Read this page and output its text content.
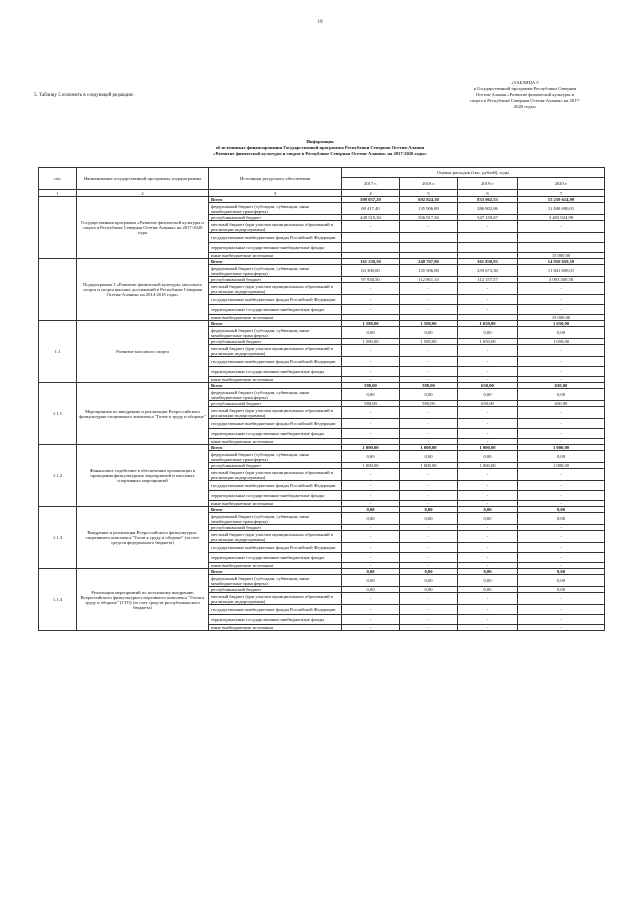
19
5. Таблицу 5 изложить в следующей редакции:
«ТАБЛИЦА 5
к Государственной программе Республики Северная
Осетия-Алания «Развитие физической культуры и
спорта в Республике Северная Осетия-Алания» на 2017-
2020 годы»
Информация
об источниках финансирования Государственной программы Республики Северная Осетия-Алания
«Развитие физической культуры и спорта в Республике Северная Осетия-Алания» на 2017-2020 годы»
п/п	Наименование государственной программы, подпрограммы	Источники ресурсного обеспечения	Оценка расходов (тыс. рублей), годы			
			2017 г.	2018 г.	2019 г.	2020 г.
1	2	3	4	5	6	7
	Государственная программа «Развитие физической культуры и спорта в Республике Северная Осетия-Алания» на 2017-2020 годы	Всего	509 037,20	692 824,30	833 962,53	15 259 614,99
		федеральный бюджет (субсидии, субвенции, иные межбюджетные трансферты)	69 417,40	135 906,80	286 802,86	11 840 690,01
		республиканский бюджет	440 510,30	556 917,56	547 159,67	3 403 924,98
		местный бюджет (при участии муниципальных образований в реализации подпрограммы)	-	-	-	-
		государственные внебюджетные фонды Российской Федерации				
		территориальные государственные внебюджетные фонды				
		иные внебюджетные источники				15 000,00
	Подпрограмма 1 «Развитие физической культуры, массового спорта и спорта высших достижений в Республике Северная Осетия-Алания» на 2014-2018 годы»	Всего	161 230,50	248 767,90	361 830,93	14 950 659,59
		федеральный бюджет (субсидии, субвенции, иные межбюджетные трансферты)	63 300,00	135 906,80	259 673,30	11 841 690,01
		республиканский бюджет	97 930,50	112 861,10	112 157,57	3 093 369,58
		местный бюджет (при участии муниципальных образований в реализации подпрограммы)	-	-	-	-
		государственные внебюджетные фонды Российской Федерации	-	-	-	-
		территориальные государственные внебюджетные фонды	-	-	-	-
		иные внебюджетные источники				15 000,00
1.1	Развитие массового спорта	Всего	1 580,00	1 580,00	1 650,00	1 650,00
		федеральный бюджет (субсидии, субвенции, иные межбюджетные трансферты)	0,00	0,00	0,00	0,00
		республиканский бюджет	1 580,00	1 580,00	1 650,00	1 650,00
		местный бюджет (при участии муниципальных образований в реализации подпрограммы)	-	-	-	-
		государственные внебюджетные фонды Российской Федерации	-	-	-	-
		территориальные государственные внебюджетные фонды	-	-	-	-
		иные внебюджетные источники	-	-	-	-
1.1.1	Мероприятия по внедрению и реализации Всероссийского физкультурно-спортивного комплекса "Готов к труду и обороне"	Всего	580,00	580,00	650,00	650,00
		федеральный бюджет (субсидии, субвенции, иные межбюджетные трансферты)	0,00	0,00	0,00	0,00
		республиканский бюджет	580,00	580,00	650,00	650,00
		местный бюджет (при участии муниципальных образований в реализации подпрограммы)	-	-	-	-
		государственные внебюджетные фонды Российской Федерации	-	-	-	-
		территориальные государственные внебюджетные фонды	-	-	-	-
		иные внебюджетные источники	-	-	-	-
1.1.2	Финансовое содействие в обеспечении организации и проведения физкультурных мероприятий и массовых спортивных мероприятий	Всего	1 000,00	1 000,00	1 000,00	1 000,00
		федеральный бюджет (субсидии, субвенции, иные межбюджетные трансферты)	0,00	0,00	0,00	0,00
		республиканский бюджет	1 000,00	1 000,00	1 000,00	1 000,00
		местный бюджет (при участии муниципальных образований в реализации подпрограммы)	-	-	-	-
		государственные внебюджетные фонды Российской Федерации	-	-	-	-
		территориальные государственные внебюджетные фонды	-	-	-	-
		иные внебюджетные источники	-	-	-	-
1.1.3	Внедрение и реализация Всероссийского физкультурно-спортивного комплекса "Готов к труду и обороне" (за счет средств федерального бюджета)	Всего	0,00	0,00	0,00	0,00
		федеральный бюджет (субсидии, субвенции, иные межбюджетные трансферты)	0,00	0,00	0,00	0,00
		республиканский бюджет	-	-	-	-
		местный бюджет (при участии муниципальных образований в реализации подпрограммы)	-	-	-	-
		государственные внебюджетные фонды Российской Федерации	-	-	-	-
		территориальные государственные внебюджетные фонды	-	-	-	-
		иные внебюджетные источники	-	-	-	-
1.1.4	Реализация мероприятий по поэтапному внедрению Всероссийского физкультурно-спортивного комплекса "Готов к труду и обороне" (ГТО) (за счет средств республиканского бюджета)	Всего	0,00	0,00	0,00	0,00
		федеральный бюджет (субсидии, субвенции, иные межбюджетные трансферты)	0,00	0,00	0,00	0,00
		республиканский бюджет	0,00	0,00	0,00	0,00
		местный бюджет (при участии муниципальных образований в реализации подпрограммы)	-	-	-	-
		государственные внебюджетные фонды Российской Федерации	-	-	-	-
		территориальные государственные внебюджетные фонды	-	-	-	-
		иные внебюджетные источники	-	-	-	-
